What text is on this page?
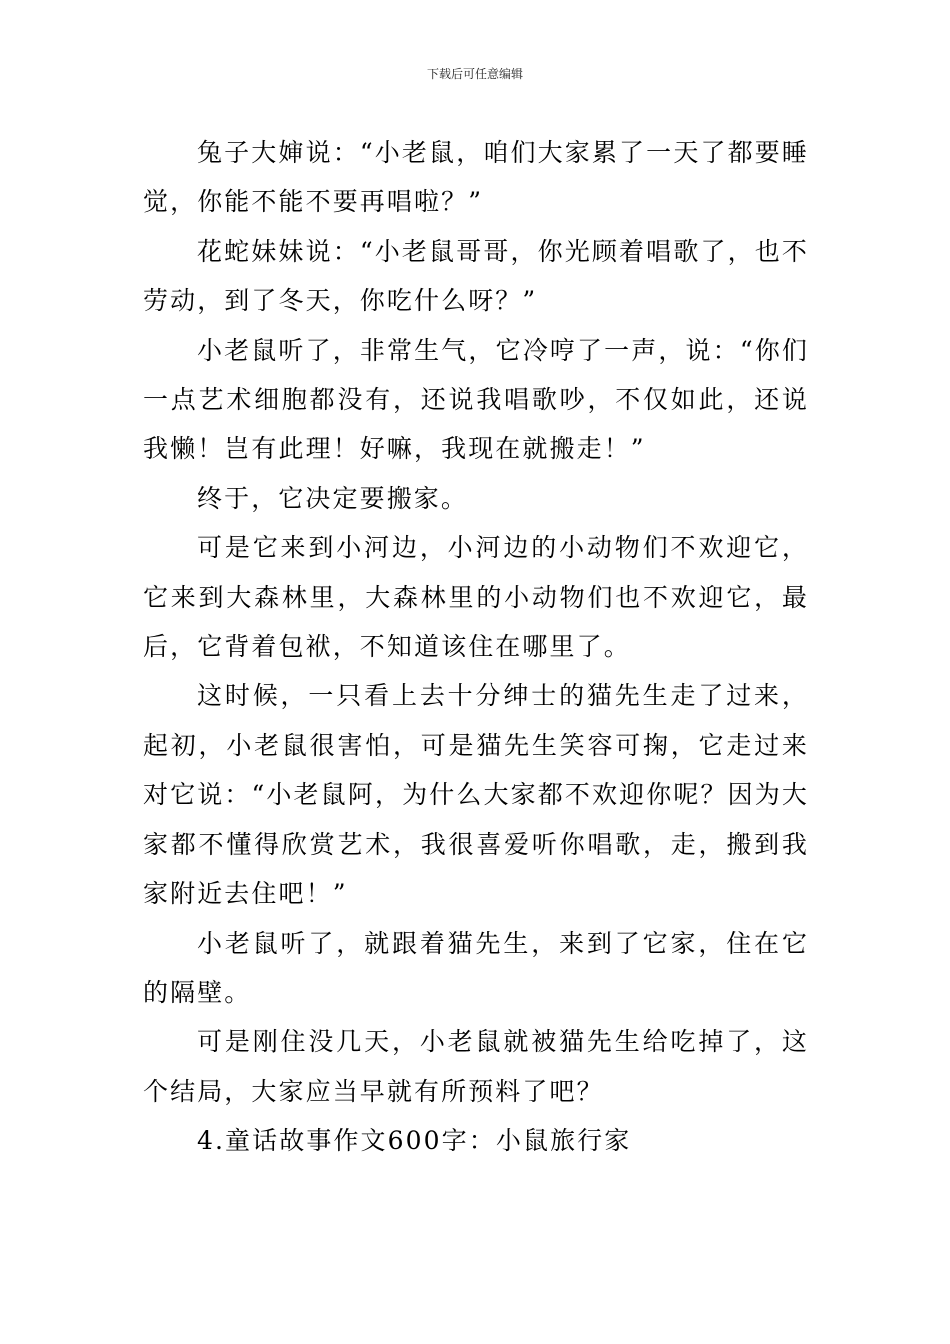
下载后可任意编辑

兔子大婶说：“小老鼠，咱们大家累了一天了都要睡觉，你能不能不要再唱啦？”

花蛇妹妹说：“小老鼠哥哥，你光顾着唱歌了，也不劳动，到了冬天，你吃什么呀？”

小老鼠听了，非常生气，它冷哼了一声，说：“你们一点艺术细胞都没有，还说我唱歌吵，不仅如此，还说我懒！岂有此理！好嘛，我现在就搬走！”

终于，它决定要搬家。

可是它来到小河边，小河边的小动物们不欢迎它，它来到大森林里，大森林里的小动物们也不欢迎它，最后，它背着包袱，不知道该住在哪里了。

这时候，一只看上去十分绅士的猫先生走了过来，起初，小老鼠很害怕，可是猫先生笑容可掬，它走过来对它说：“小老鼠阿，为什么大家都不欢迎你呢？因为大家都不懂得欣赏艺术，我很喜爱听你唱歌，走，搬到我家附近去住吧！”

小老鼠听了，就跟着猫先生，来到了它家，住在它的隔壁。

可是刚住没几天，小老鼠就被猫先生给吃掉了，这个结局，大家应当早就有所预料了吧？

4.童话故事作文600字：小鼠旅行家
